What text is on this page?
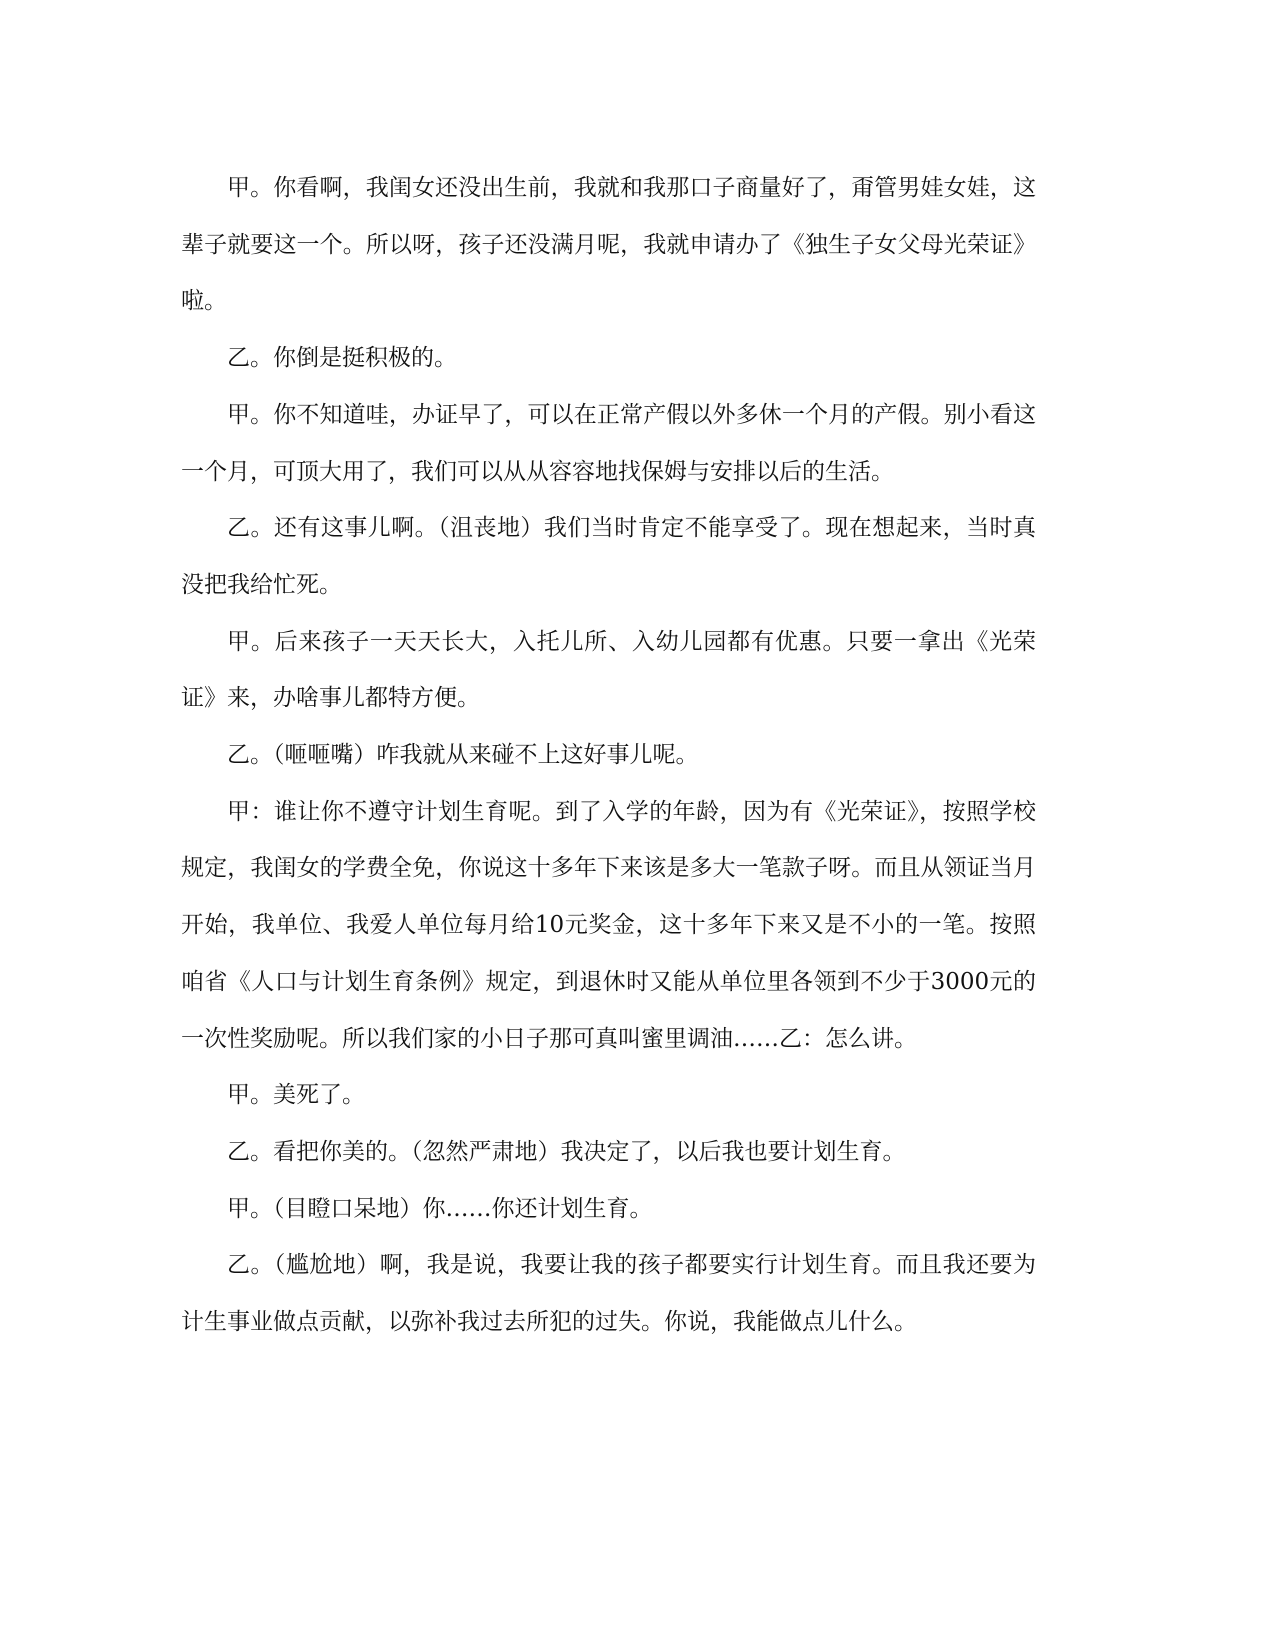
甲。你看啊，我闺女还没出生前，我就和我那口子商量好了，甭管男娃女娃，这辈子就要这一个。所以呀，孩子还没满月呢，我就申请办了《独生子女父母光荣证》啦。

乙。你倒是挺积极的。

甲。你不知道哇，办证早了，可以在正常产假以外多休一个月的产假。别小看这一个月，可顶大用了，我们可以从从容容地找保姆与安排以后的生活。

乙。还有这事儿啊。（沮丧地）我们当时肯定不能享受了。现在想起来，当时真没把我给忙死。

甲。后来孩子一天天长大，入托儿所、入幼儿园都有优惠。只要一拿出《光荣证》来，办啥事儿都特方便。

乙。（咂咂嘴）咋我就从来碰不上这好事儿呢。

甲：谁让你不遵守计划生育呢。到了入学的年龄，因为有《光荣证》，按照学校规定，我闺女的学费全免，你说这十多年下来该是多大一笔款子呀。而且从领证当月开始，我单位、我爱人单位每月给10元奖金，这十多年下来又是不小的一笔。按照咱省《人口与计划生育条例》规定，到退休时又能从单位里各领到不少于3000元的一次性奖励呢。所以我们家的小日子那可真叫蜜里调油……乙：怎么讲。

甲。美死了。

乙。看把你美的。（忽然严肃地）我决定了，以后我也要计划生育。

甲。（目瞪口呆地）你……你还计划生育。

乙。（尴尬地）啊，我是说，我要让我的孩子都要实行计划生育。而且我还要为计生事业做点贡献，以弥补我过去所犯的过失。你说，我能做点儿什么。
